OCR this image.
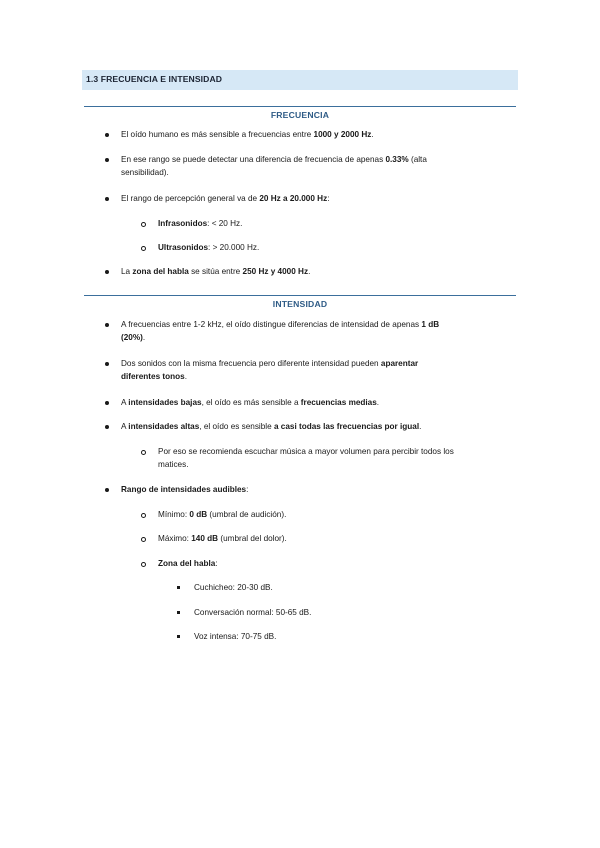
1.3 FRECUENCIA E INTENSIDAD
FRECUENCIA
El oído humano es más sensible a frecuencias entre 1000 y 2000 Hz.
En ese rango se puede detectar una diferencia de frecuencia de apenas 0.33% (alta
sensibilidad).
El rango de percepción general va de 20 Hz a 20.000 Hz:
Infrasonidos: < 20 Hz.
Ultrasonidos: > 20.000 Hz.
La zona del habla se sitúa entre 250 Hz y 4000 Hz.
INTENSIDAD
A frecuencias entre 1-2 kHz, el oído distingue diferencias de intensidad de apenas 1 dB
(20%).
Dos sonidos con la misma frecuencia pero diferente intensidad pueden aparentar
diferentes tonos.
A intensidades bajas, el oído es más sensible a frecuencias medias.
A intensidades altas, el oído es sensible a casi todas las frecuencias por igual.
Por eso se recomienda escuchar música a mayor volumen para percibir todos los
matices.
Rango de intensidades audibles:
Mínimo: 0 dB (umbral de audición).
Máximo: 140 dB (umbral del dolor).
Zona del habla:
Cuchicheo: 20-30 dB.
Conversación normal: 50-65 dB.
Voz intensa: 70-75 dB.
